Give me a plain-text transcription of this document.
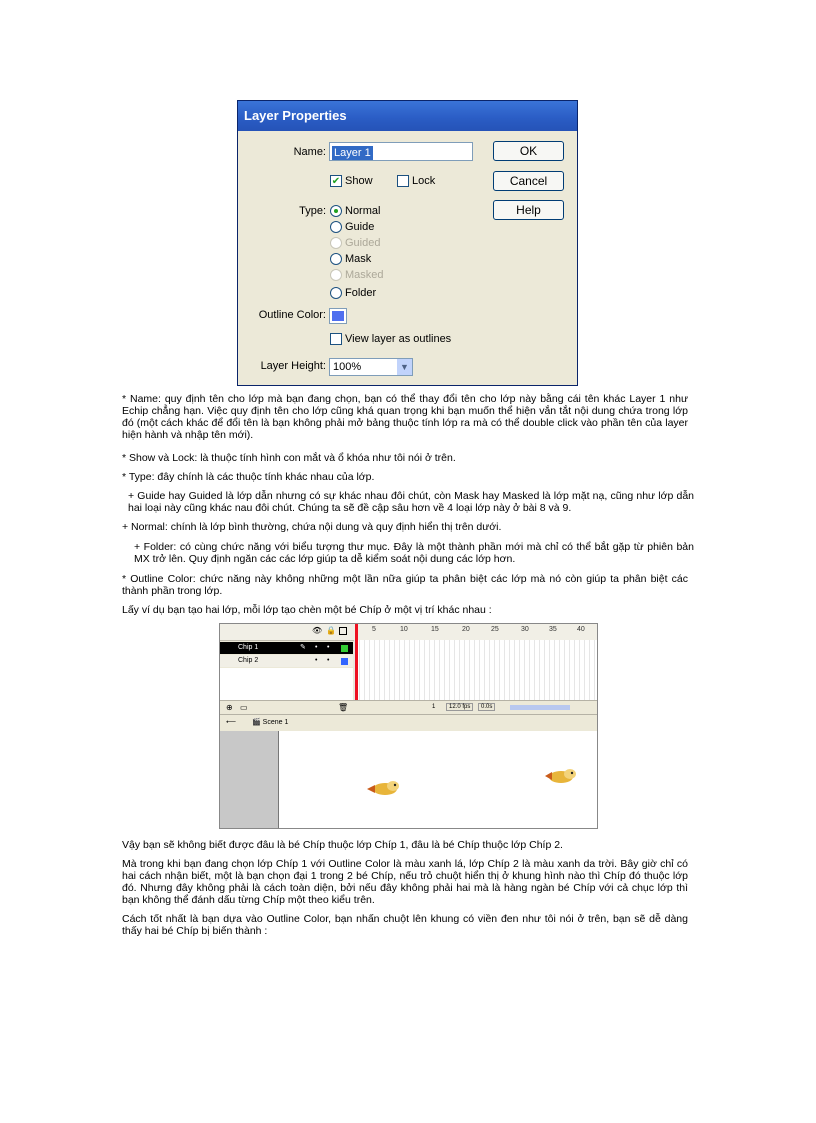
Layer Properties
Name: Layer 1	OK
Cancel
Help
✔ Show	Lock
Type: Normal
Guide
Guided
Mask
Masked
Folder
Outline Color:
View layer as outlines
Layer Height: 100%	▼

* Name: quy định tên cho lớp mà bạn đang chọn, bạn có thể thay đổi tên cho lớp này bằng cái tên khác Layer 1 như Echip chẳng hạn. Việc quy định tên cho lớp cũng khá quan trọng khi bạn muốn thể hiện vắn tắt nội dung chứa trong lớp đó (một cách khác để đổi tên là bạn không phải mở bảng thuộc tính lớp ra mà có thể double click vào phần tên của layer hiện hành và nhập tên mới).

* Show và Lock: là thuộc tính hình con mắt và ổ khóa như tôi nói ở trên.

* Type: đây chính là các thuộc tính khác nhau của lớp.

+ Guide hay Guided là lớp dẫn nhưng có sự khác nhau đôi chút, còn Mask hay Masked là lớp mặt nạ, cũng như lớp dẫn hai loại này cũng khác nau đôi chút. Chúng ta sẽ đề cập sâu hơn về 4 loại lớp này ở bài 8 và 9.

+ Normal: chính là lớp bình thường, chứa nội dung và quy định hiển thị trên dưới.

+ Folder: có cùng chức năng với biểu tượng thư mục. Đây là một thành phần mới mà chỉ có thể bắt gặp từ phiên bản MX trở lên. Quy định ngăn các các lớp giúp ta dễ kiểm soát nội dung các lớp hơn.

* Outline Color: chức năng này không những một lần nữa giúp ta phân biệt các lớp mà nó còn giúp ta phân biệt các thành phần trong lớp.

Lấy ví dụ bạn tạo hai lớp, mỗi lớp tạo chèn một bé Chíp ở một vị trí khác nhau :

👁 🔒	5	10	15	20	25	30	35	40
Chip 1	✎ • •
Chip 2	• •
⊕ ▭	🗑	1	12.0 fps	0.0s
⟵ 🎬 Scene 1

Vậy bạn sẽ không biết được đâu là bé Chíp thuộc lớp Chíp 1, đâu là bé Chíp thuộc lớp Chíp 2.

Mà trong khi bạn đang chọn lớp Chíp 1 với Outline Color là màu xanh lá, lớp Chíp 2 là màu xanh da trời. Bây giờ chỉ có hai cách nhận biết, một là bạn chọn đại 1 trong 2 bé Chíp, nếu trỏ chuột hiển thị ở khung hình nào thì Chíp đó thuộc lớp đó. Nhưng đây không phải là cách toàn diện, bởi nếu đây không phải hai mà là hàng ngàn bé Chíp với cả chục lớp thì bạn không thể đánh dấu từng Chíp một theo kiểu trên.

Cách tốt nhất là bạn dựa vào Outline Color, bạn nhấn chuột lên khung có viền đen như tôi nói ở trên, bạn sẽ dễ dàng thấy hai bé Chíp bị biến thành :
